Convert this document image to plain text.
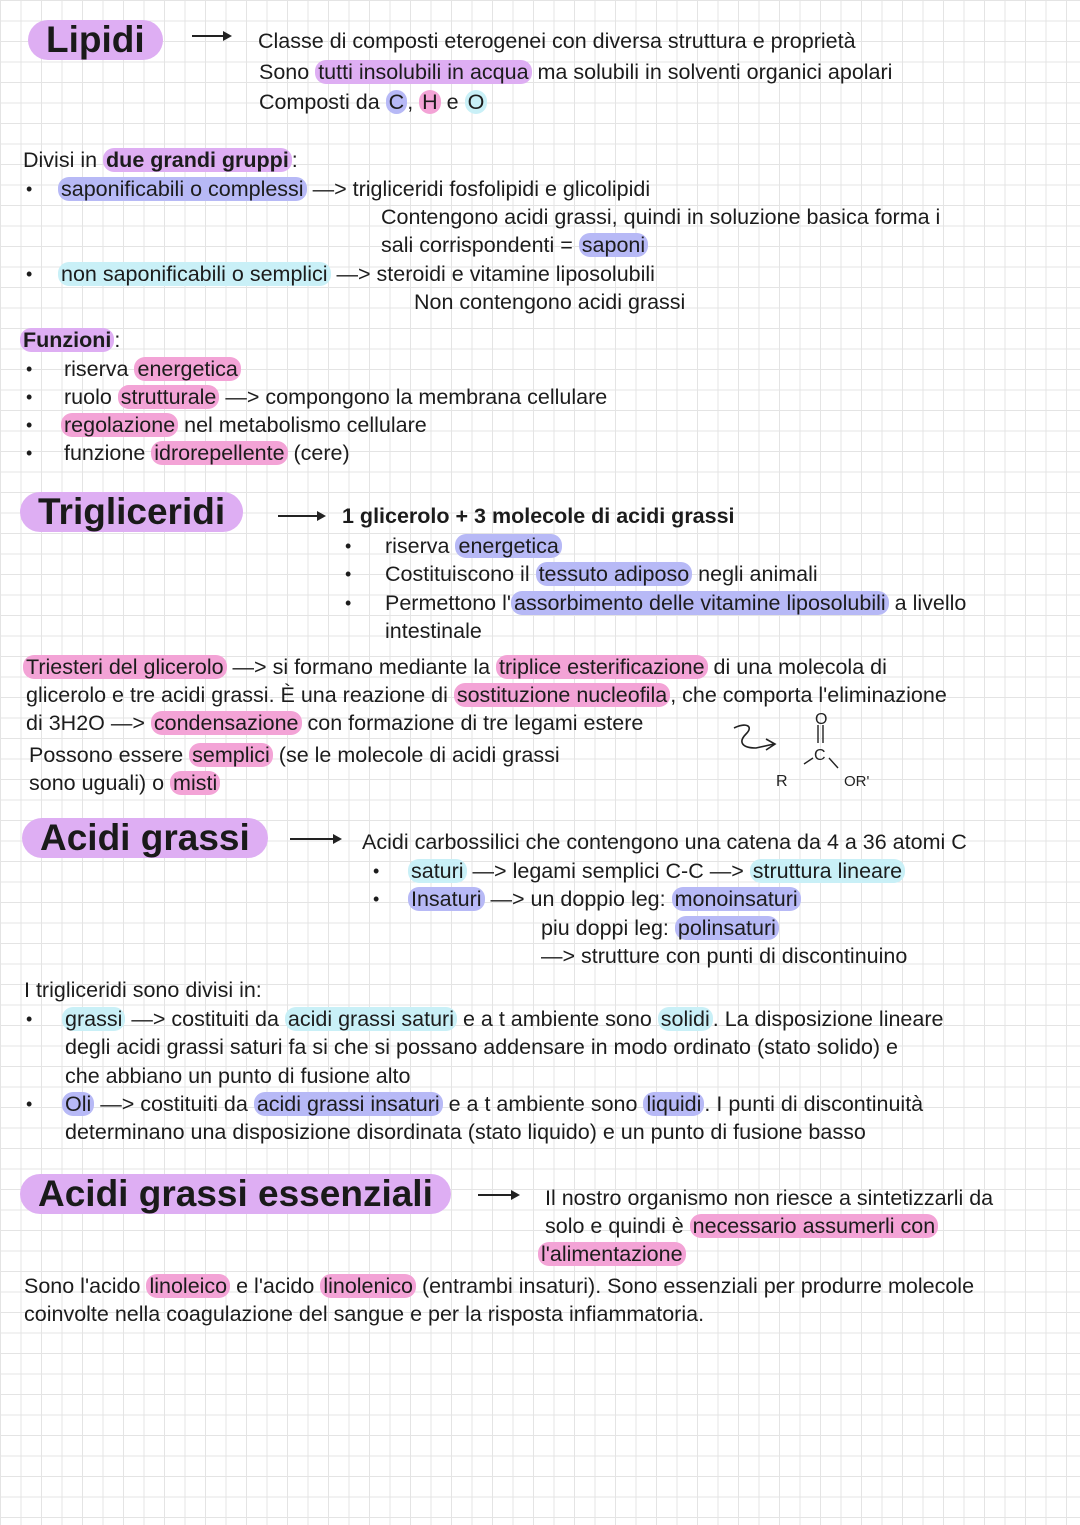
Lipidi	Classe di composti eterogenei con diversa struttura e proprietà
Sono tutti insolubili in acqua ma solubili in solventi organici apolari
Composti da C , H e O
Divisi in due grandi gruppi :
• saponificabili o complessi —> trigliceridi fosfolipidi e glicolipidi
Contengono acidi grassi, quindi in soluzione basica forma i
sali corrispondenti = saponi
• non saponificabili o semplici —> steroidi e vitamine liposolubili
Non contengono acidi grassi
Funzioni :
• riserva energetica
• ruolo strutturale —> compongono la membrana cellulare
• regolazione nel metabolismo cellulare
• funzione idrorepellente (cere)
Trigliceridi	1 glicerolo + 3 molecole di acidi grassi
• riserva energetica
• Costituiscono il tessuto adiposo negli animali
• Permettono l' assorbimento delle vitamine liposolubili a livello
intestinale
Triesteri del glicerolo —> si formano mediante la triplice esterificazione di una molecola di
glicerolo e tre acidi grassi. È una reazione di sostituzione nucleofila , che comporta l'eliminazione
di 3H2O —> condensazione con formazione di tre legami estere
Possono essere semplici (se le molecole di acidi grassi
sono uguali) o misti
O
C
R	OR'
Acidi grassi	Acidi carbossilici che contengono una catena da 4 a 36 atomi C
• saturi —> legami semplici C-C —> struttura lineare
• Insaturi —> un doppio leg: monoinsaturi
piu doppi leg: polinsaturi
—> strutture con punti di discontinuino
I trigliceridi sono divisi in:
• grassi —> costituiti da acidi grassi saturi e a t ambiente sono solidi . La disposizione lineare
degli acidi grassi saturi fa si che si possano addensare in modo ordinato (stato solido) e
che abbiano un punto di fusione alto
• Oli —> costituiti da acidi grassi insaturi e a t ambiente sono liquidi . I punti di discontinuità
determinano una disposizione disordinata (stato liquido) e un punto di fusione basso
Acidi grassi essenziali	Il nostro organismo non riesce a sintetizzarli da
solo e quindi è necessario assumerli con
l'alimentazione
Sono l'acido linoleico e l'acido linolenico (entrambi insaturi). Sono essenziali per produrre molecole
coinvolte nella coagulazione del sangue e per la risposta infiammatoria.
